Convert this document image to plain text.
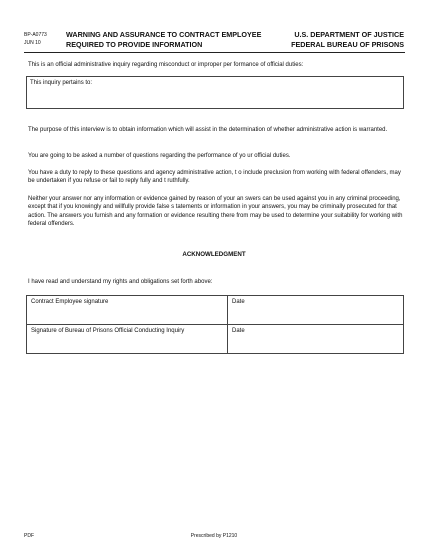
BP-A0773
JUN 10
WARNING AND ASSURANCE TO CONTRACT EMPLOYEE
REQUIRED TO PROVIDE INFORMATION
U.S. DEPARTMENT OF JUSTICE
FEDERAL BUREAU OF PRISONS
This is an official administrative inquiry regarding misconduct or improper per formance of official duties:
This inquiry pertains to:
The purpose of this interview is to obtain information which will assist in the determination of whether administrative action is warranted.
You are going to be asked a number of questions regarding the performance of yo ur official duties.
You have a duty to reply to these questions and agency administrative action, t o include preclusion from working with federal offenders, may be undertaken if you refuse or fail to reply fully and t ruthfully.
Neither your answer nor any information or evidence gained by reason of your an swers can be used against you in any criminal proceeding, except that if you knowingly and willfully provide false s tatements or information in your answers, you may be criminally prosecuted for that action. The answers you furnish and any formation or evidence resulting there from may be used to determine your suitability for working with federal offenders.
ACKNOWLEDGMENT
I have read and understand my rights and obligations set forth above:
Contract Employee signature	Date
Signature of Bureau of Prisons Official Conducting Inquiry	Date
PDF	Prescribed by P1210
